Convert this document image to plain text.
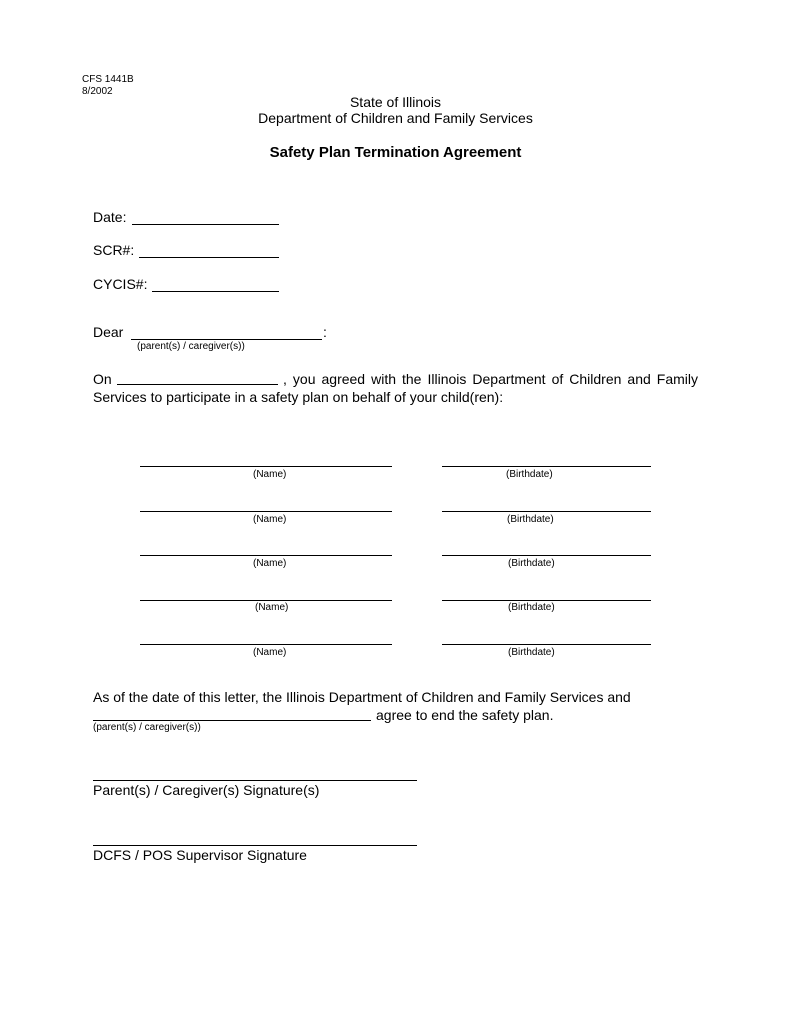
CFS 1441B
8/2002
State of Illinois
Department of Children and Family Services
Safety Plan Termination Agreement
Date:
SCR#:
CYCIS#:
Dear	:
(parent(s) / caregiver(s))
On	, you agreed with the Illinois Department of Children and Family
Services to participate in a safety plan on behalf of your child(ren):
(Name)	(Birthdate)
(Name)	(Birthdate)
(Name)	(Birthdate)
(Name)	(Birthdate)
(Name)	(Birthdate)
As of the date of this letter, the Illinois Department of Children and Family Services and
agree to end the safety plan.
(parent(s) / caregiver(s))
Parent(s) / Caregiver(s) Signature(s)
DCFS / POS Supervisor Signature
